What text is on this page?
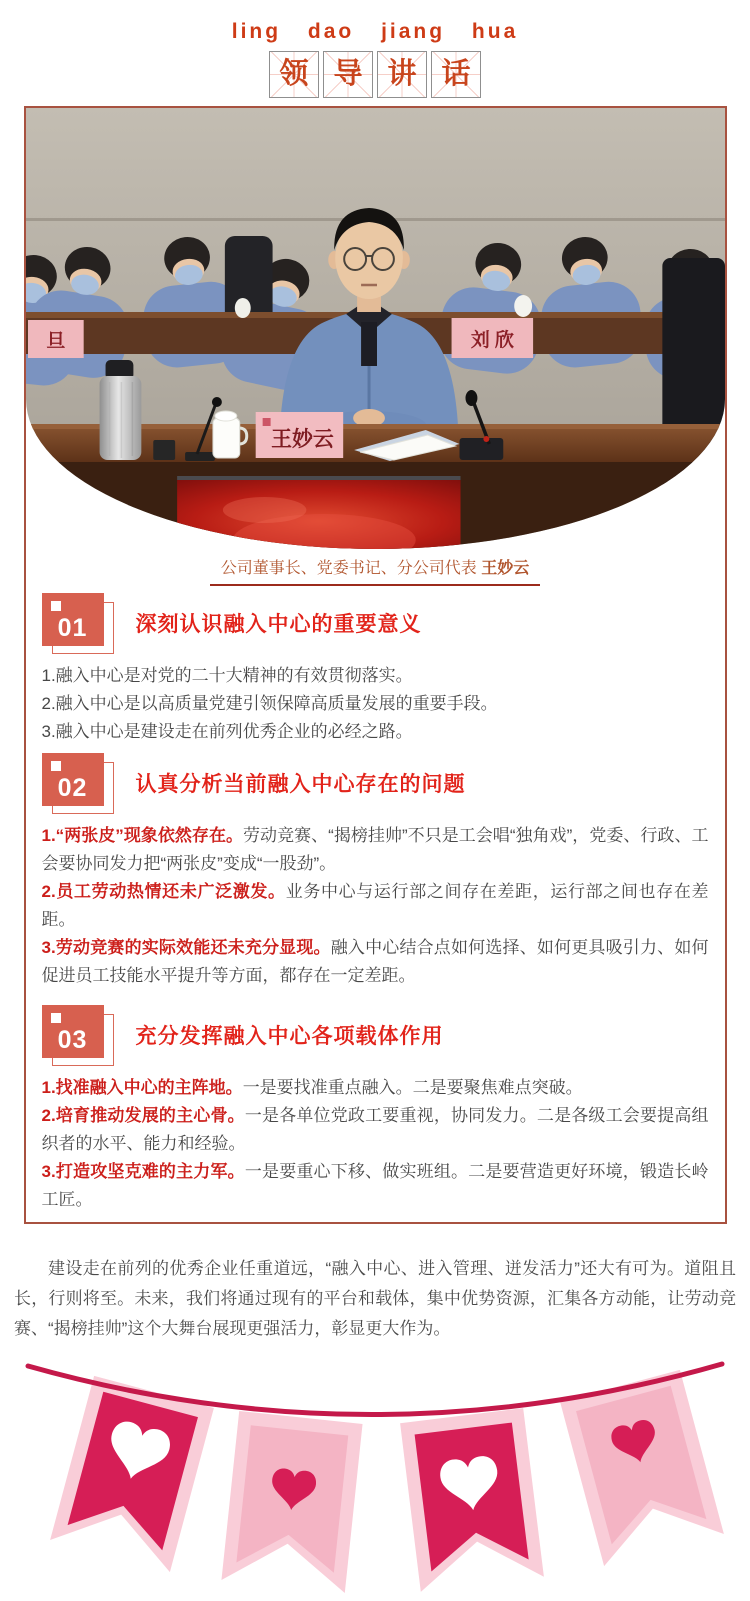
ling dao jiang hua
领 导 讲 话
旦	刘 欣
王妙云
公司董事长、党委书记、分公司代表 王妙云
01	深刻认识融入中心的重要意义

1.融入中心是对党的二十大精神的有效贯彻落实。

2.融入中心是以高质量党建引领保障高质量发展的重要手段。

3.融入中心是建设走在前列优秀企业的必经之路。

02	认真分析当前融入中心存在的问题

1.“两张皮”现象依然存在。劳动竞赛、“揭榜挂帅”不只是工会唱“独角戏”，党委、行政、工会要协同发力把“两张皮”变成“一股劲”。

2.员工劳动热情还未广泛激发。业务中心与运行部之间存在差距，运行部之间也存在差距。

3.劳动竞赛的实际效能还未充分显现。融入中心结合点如何选择、如何更具吸引力、如何促进员工技能水平提升等方面，都存在一定差距。

03	充分发挥融入中心各项载体作用

1.找准融入中心的主阵地。一是要找准重点融入。二是要聚焦难点突破。

2.培育推动发展的主心骨。一是各单位党政工要重视，协同发力。二是各级工会要提高组织者的水平、能力和经验。

3.打造攻坚克难的主力军。一是要重心下移、做实班组。二是要营造更好环境，锻造长岭工匠。

建设走在前列的优秀企业任重道远，“融入中心、进入管理、迸发活力”还大有可为。道阻且长，行则将至。未来，我们将通过现有的平台和载体，集中优势资源，汇集各方动能，让劳动竞赛、“揭榜挂帅”这个大舞台展现更强活力，彰显更大作为。
